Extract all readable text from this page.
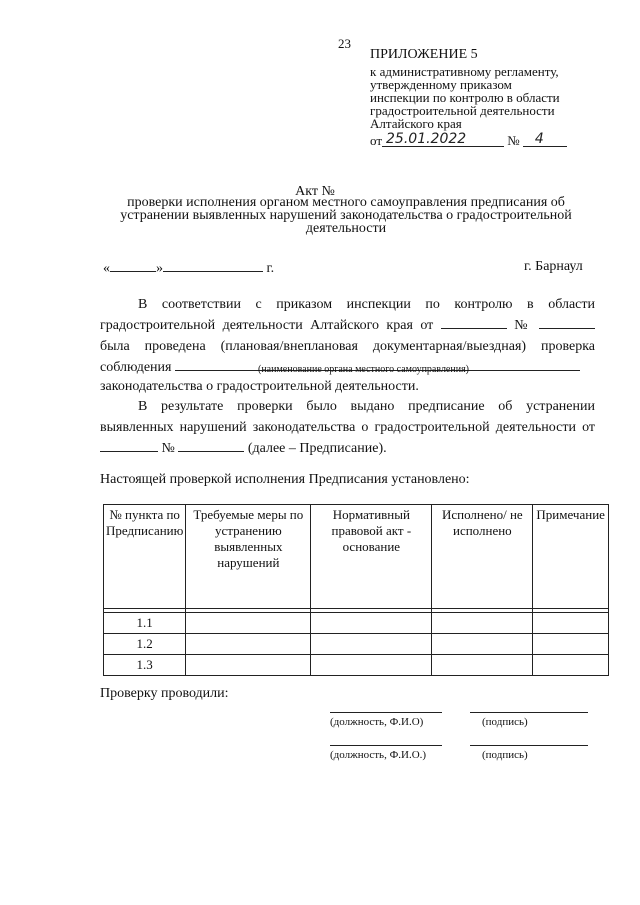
23
ПРИЛОЖЕНИЕ 5
к административному регламенту,
утвержденному приказом
инспекции по контролю в области
градостроительной деятельности
Алтайского края
от 25.01.2022	№ 4
Акт №
проверки исполнения органом местного самоуправления предписания об устранении выявленных нарушений законодательства о градостроительной деятельности
«	»	г.	г. Барнаул
В соответствии с приказом инспекции по контролю в области градостроительной деятельности Алтайского края от	№  была проведена (плановая/внеплановая документарная/выездная) проверка соблюдения	(наименование органа местного самоуправления)
законодательства о градостроительной деятельности.
В результате проверки было выдано предписание об устранении выявленных нарушений законодательства о градостроительной деятельности от  №	(далее – Предписание).
Настоящей проверкой исполнения Предписания установлено:
№ пункта по Предписанию	Требуемые меры по устранению выявленных нарушений	Нормативный правовой акт - основание	Исполнено/ не исполнено	Примечание

1.1				
1.2				
1.3				
Проверку проводили:
(должность, Ф.И.О)	(подпись)
(должность, Ф.И.О.)	(подпись)
